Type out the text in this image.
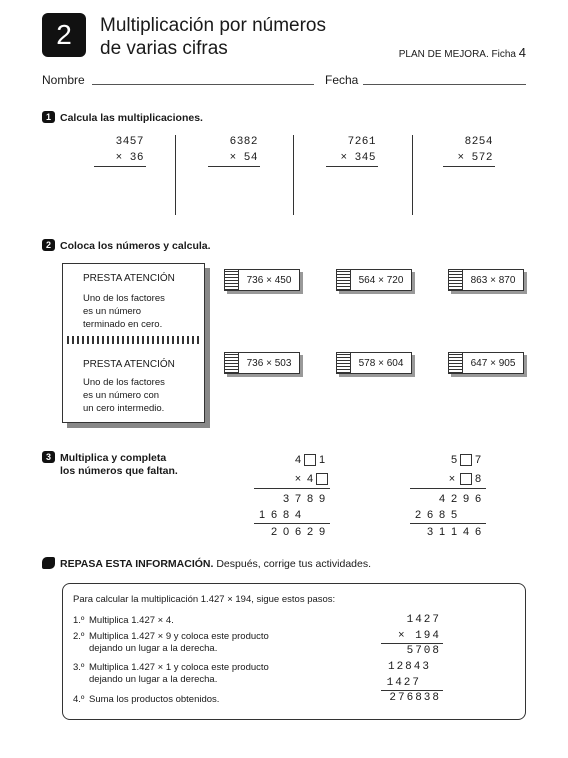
2	Multiplicación por números
de varias cifras	PLAN DE MEJORA. Ficha 4
Nombre	Fecha
1 Calcula las multiplicaciones.
3457
× 36
6382
× 54
7261
× 345
8254
× 572
2 Coloca los números y calcula.
PRESTA ATENCIÓN
Uno de los factores
es un número
terminado en cero.
PRESTA ATENCIÓN
Uno de los factores
es un número con
un cero intermedio.
736 × 450	564 × 720	863 × 870
736 × 503	578 × 604	647 × 905
3 Multiplica y completa
los números que faltan.
4 1
× 4
3 7 8 9
1 6 8 4
2 0 6 2 9
5 7
× 8
4 2 9 6
2 6 8 5
3 1 1 4 6
REPASA ESTA INFORMACIÓN. Después, corrige tus actividades.
Para calcular la multiplicación 1.427 × 194, sigue estos pasos:
1.º Multiplica 1.427 × 4.
2.º Multiplica 1.427 × 9 y coloca este producto
dejando un lugar a la derecha.
3.º Multiplica 1.427 × 1 y coloca este producto
dejando un lugar a la derecha.
4.º Suma los productos obtenidos.
1427
× 194
5708
12843
1427
276838
